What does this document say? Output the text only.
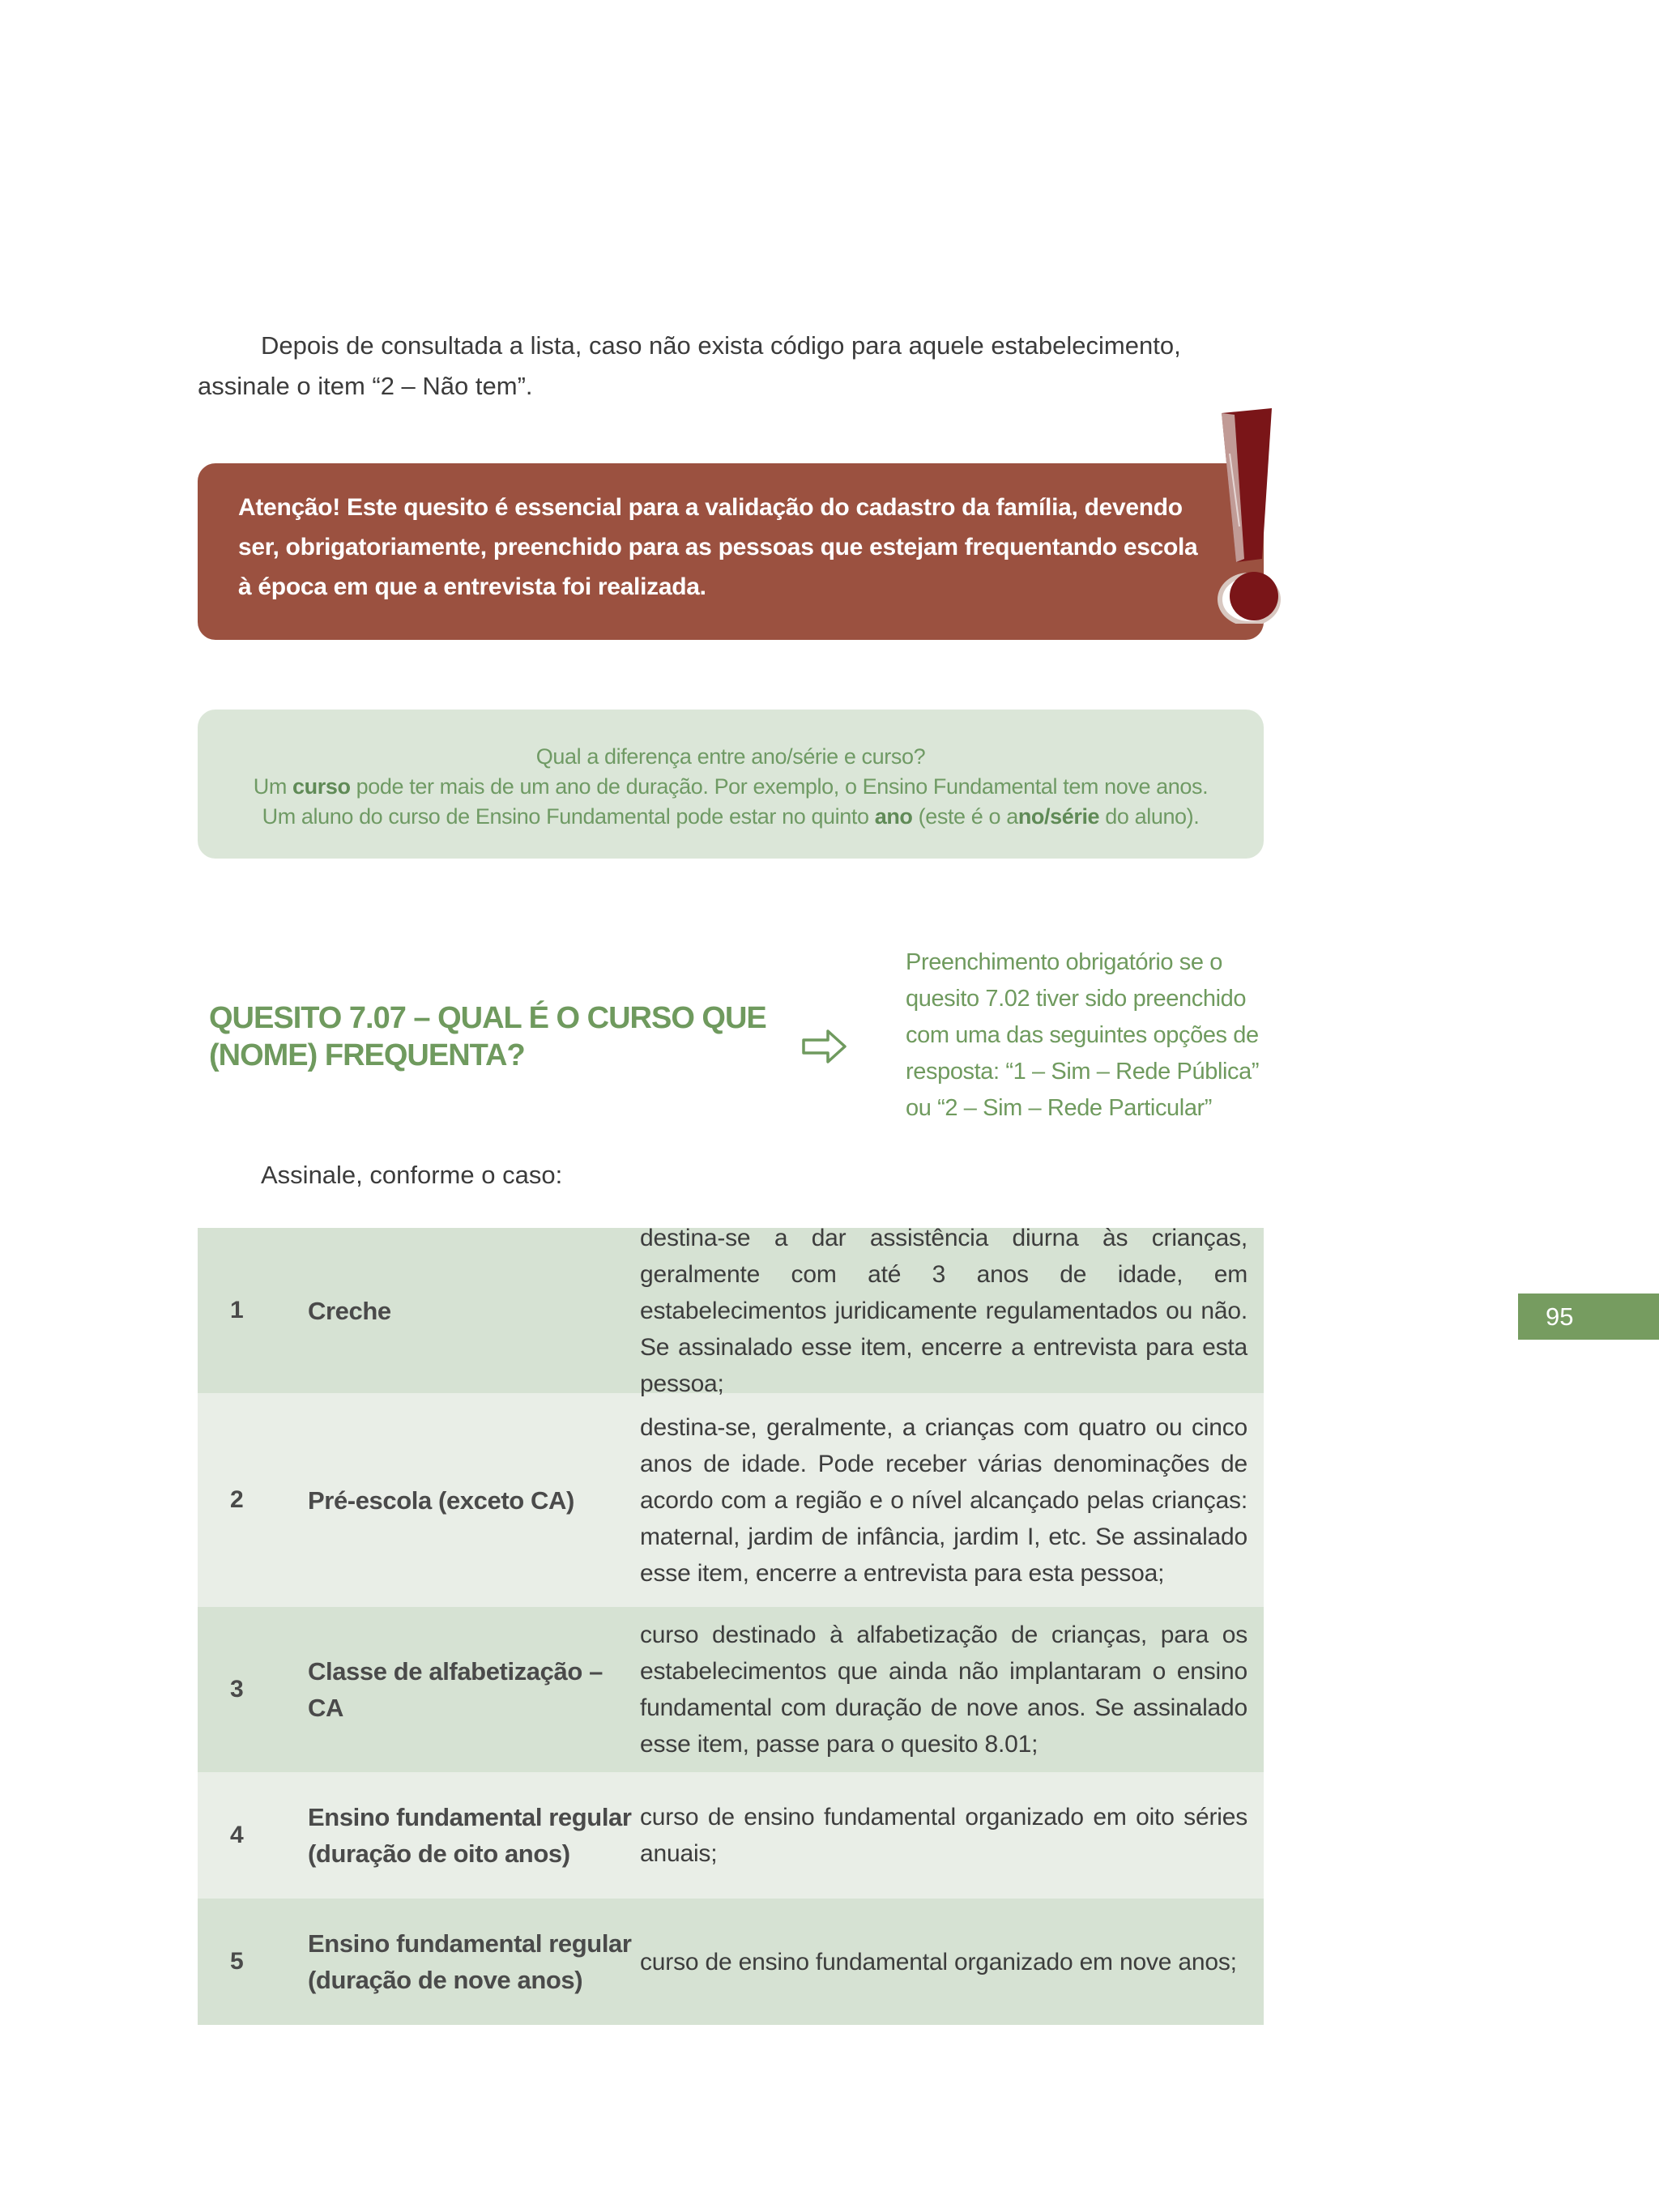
Depois de consultada a lista, caso não exista código para aquele estabelecimento, assinale o item “2 – Não tem”.

Atenção! Este quesito é essencial para a validação do cadastro da família, devendo ser, obrigatoriamente, preenchido para as pessoas que estejam frequentando escola à época em que a entrevista foi realizada.

Qual a diferença entre ano/série e curso?
Um curso pode ter mais de um ano de duração. Por exemplo, o Ensino Fundamental tem nove anos.
Um aluno do curso de Ensino Fundamental pode estar no quinto ano (este é o ano/série do aluno).
QUESITO 7.07 – QUAL É O CURSO QUE (NOME) FREQUENTA?

Preenchimento obrigatório se o quesito 7.02 tiver sido preenchido com uma das seguintes opções de resposta: “1 – Sim – Rede Pública” ou “2 – Sim – Rede Particular”

Assinale, conforme o caso:

1	Creche
destina-se a dar assistência diurna às crianças, geralmente com até 3 anos de idade, em estabelecimentos juridicamente regulamentados ou não. Se assinalado esse item, encerre a entrevista para esta pessoa;
2	Pré-escola (exceto CA)
destina-se, geralmente, a crianças com quatro ou cinco anos de idade. Pode receber várias denominações de acordo com a região e o nível alcançado pelas crianças: maternal, jardim de infância, jardim I, etc. Se assinalado esse item, encerre a entrevista para esta pessoa;
3
Classe de alfabetização – CA
curso destinado à alfabetização de crianças, para os estabelecimentos que ainda não implantaram o ensino fundamental com duração de nove anos. Se assinalado esse item, passe para o quesito 8.01;
4
Ensino fundamental regular (duração de oito anos)
curso de ensino fundamental organizado em oito séries anuais;
5
Ensino fundamental regular (duração de nove anos)
curso de ensino fundamental organizado em nove anos;
95
